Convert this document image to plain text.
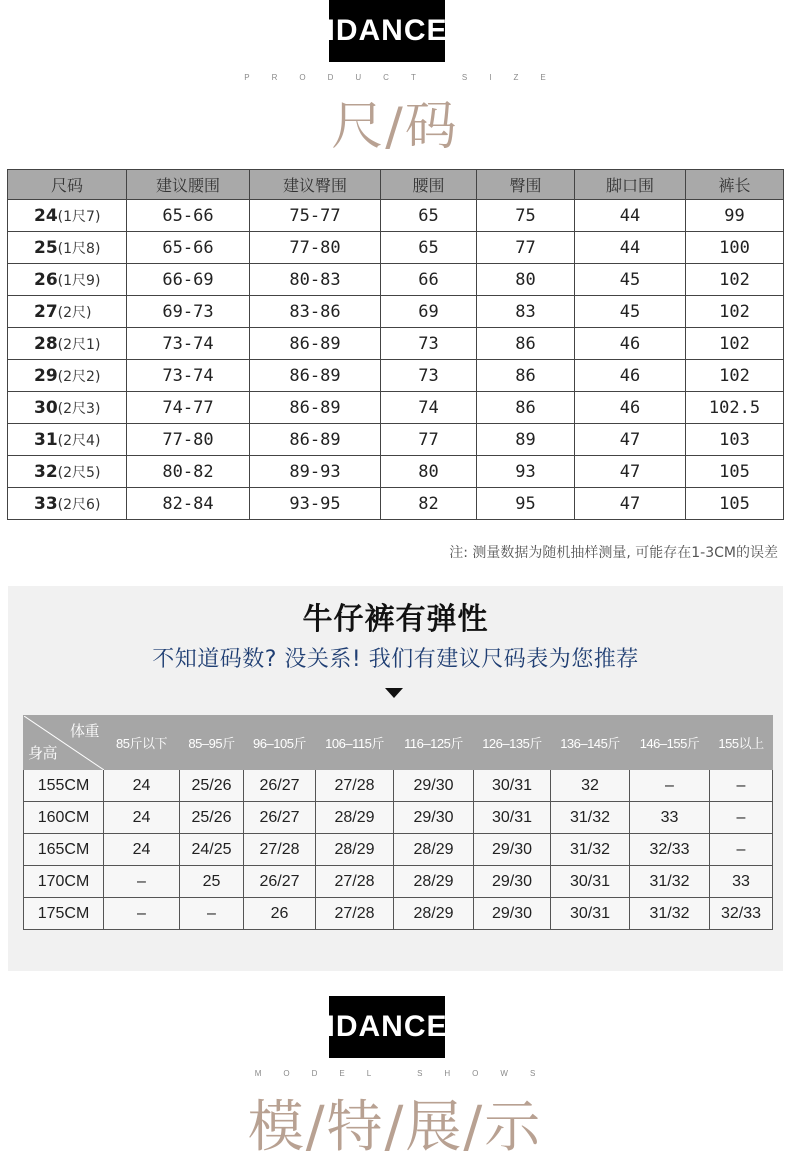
IDANCE
PRODUCT SIZE
尺/码
尺码	建议腰围	建议臀围	腰围	臀围	脚口围	裤长
24(1尺7)	65-66	75-77	65	75	44	99
25(1尺8)	65-66	77-80	65	77	44	100
26(1尺9)	66-69	80-83	66	80	45	102
27(2尺)	69-73	83-86	69	83	45	102
28(2尺1)	73-74	86-89	73	86	46	102
29(2尺2)	73-74	86-89	73	86	46	102
30(2尺3)	74-77	86-89	74	86	46	102.5
31(2尺4)	77-80	86-89	77	89	47	103
32(2尺5)	80-82	89-93	80	93	47	105
33(2尺6)	82-84	93-95	82	95	47	105
注: 测量数据为随机抽样测量, 可能存在1-3CM的误差
牛仔裤有弹性
不知道码数? 没关系! 我们有建议尺码表为您推荐
体重
身高	85斤以下	85–95斤	96–105斤	106–115斤	116–125斤	126–135斤	136–145斤	146–155斤	155以上
155CM	24	25/26	26/27	27/28	29/30	30/31	32	–	–
160CM	24	25/26	26/27	28/29	29/30	30/31	31/32	33	–
165CM	24	24/25	27/28	28/29	28/29	29/30	31/32	32/33	–
170CM	–	25	26/27	27/28	28/29	29/30	30/31	31/32	33
175CM	–	–	26	27/28	28/29	29/30	30/31	31/32	32/33
IDANCE
MODEL SHOWS
模/特/展/示
